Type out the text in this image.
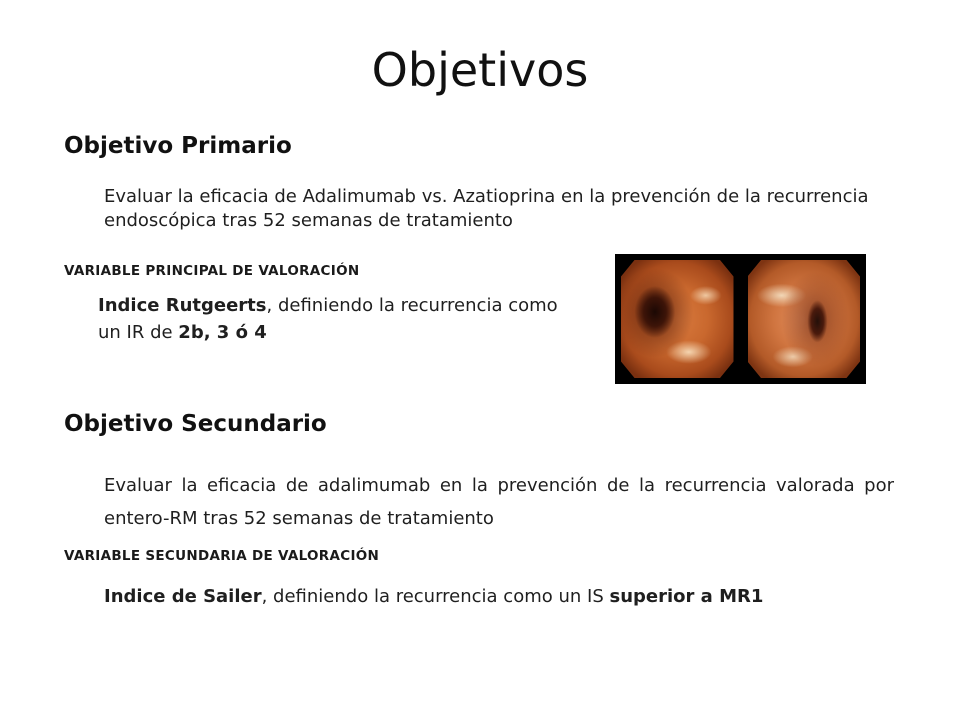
Objetivos
Objetivo Primario

Evaluar la eficacia de Adalimumab vs. Azatioprina en la prevención de la recurrencia endoscópica tras 52 semanas de tratamiento

VARIABLE PRINCIPAL DE VALORACIÓN

Indice Rutgeerts, definiendo la recurrencia como un IR de 2b, 3 ó 4

Objetivo Secundario

Evaluar la eficacia de adalimumab en la prevención de la recurrencia valorada por entero-RM tras 52 semanas de tratamiento

VARIABLE SECUNDARIA DE VALORACIÓN

Indice de Sailer, definiendo la recurrencia como un IS superior a MR1
